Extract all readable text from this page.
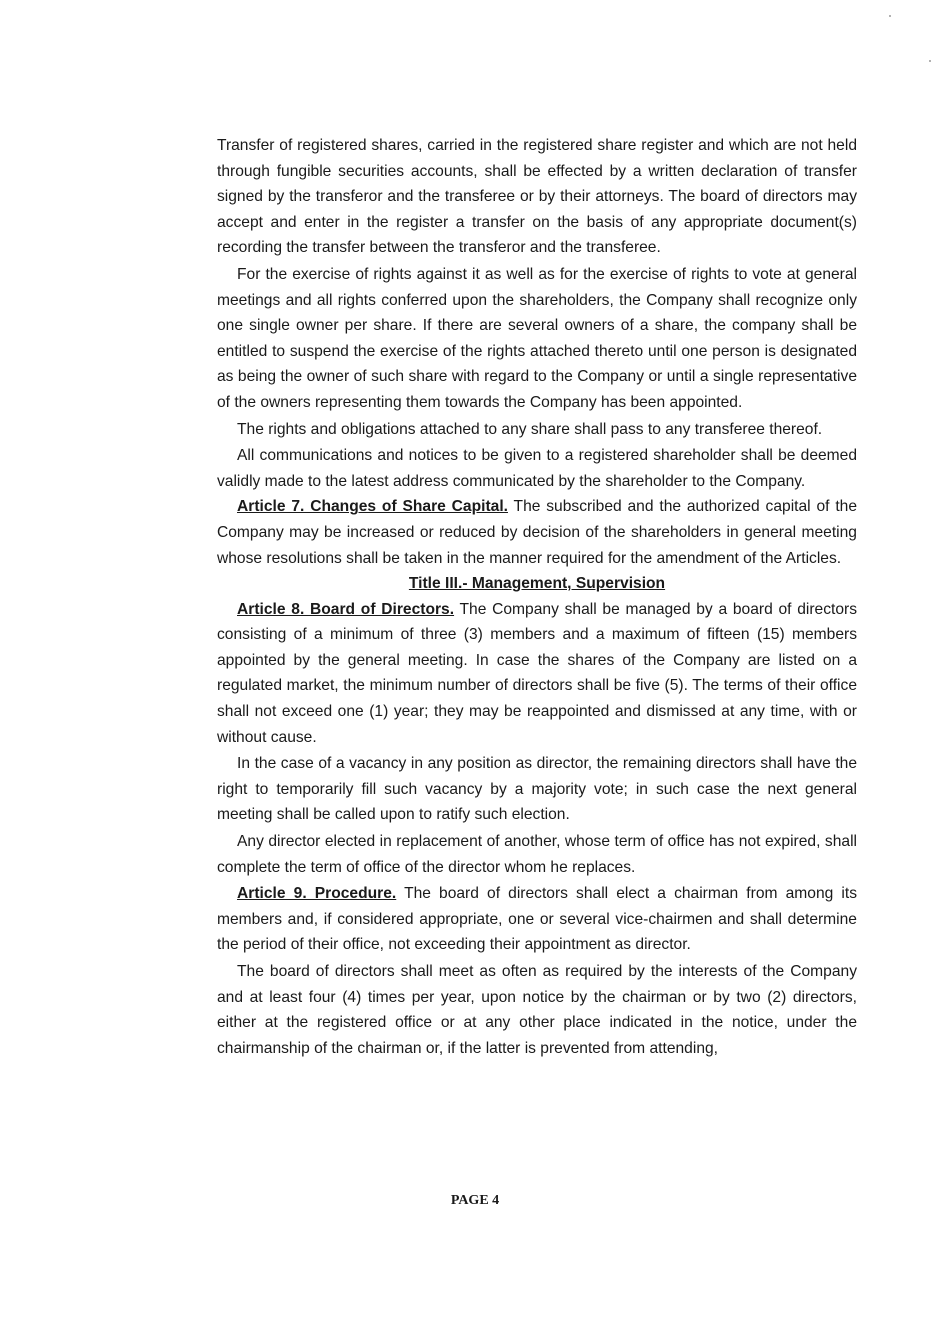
Transfer of registered shares, carried in the registered share register and which are not held through fungible securities accounts, shall be effected by a written declaration of transfer signed by the transferor and the transferee or by their attorneys. The board of directors may accept and enter in the register a transfer on the basis of any appropriate document(s) recording the transfer between the transferor and the transferee.

For the exercise of rights against it as well as for the exercise of rights to vote at general meetings and all rights conferred upon the shareholders, the Company shall recognize only one single owner per share. If there are several owners of a share, the company shall be entitled to suspend the exercise of the rights attached thereto until one person is designated as being the owner of such share with regard to the Company or until a single representative of the owners representing them towards the Company has been appointed.

The rights and obligations attached to any share shall pass to any transferee thereof.

All communications and notices to be given to a registered shareholder shall be deemed validly made to the latest address communicated by the shareholder to the Company.

Article 7. Changes of Share Capital. The subscribed and the authorized capital of the Company may be increased or reduced by decision of the shareholders in general meeting whose resolutions shall be taken in the manner required for the amendment of the Articles.

Title III.- Management, Supervision

Article 8. Board of Directors. The Company shall be managed by a board of directors consisting of a minimum of three (3) members and a maximum of fifteen (15) members appointed by the general meeting. In case the shares of the Company are listed on a regulated market, the minimum number of directors shall be five (5). The terms of their office shall not exceed one (1) year; they may be reappointed and dismissed at any time, with or without cause.

In the case of a vacancy in any position as director, the remaining directors shall have the right to temporarily fill such vacancy by a majority vote; in such case the next general meeting shall be called upon to ratify such election.

Any director elected in replacement of another, whose term of office has not expired, shall complete the term of office of the director whom he replaces.

Article 9. Procedure. The board of directors shall elect a chairman from among its members and, if considered appropriate, one or several vice-chairmen and shall determine the period of their office, not exceeding their appointment as director.

The board of directors shall meet as often as required by the interests of the Company and at least four (4) times per year, upon notice by the chairman or by two (2) directors, either at the registered office or at any other place indicated in the notice, under the chairmanship of the chairman or, if the latter is prevented from attending,

PAGE 4
